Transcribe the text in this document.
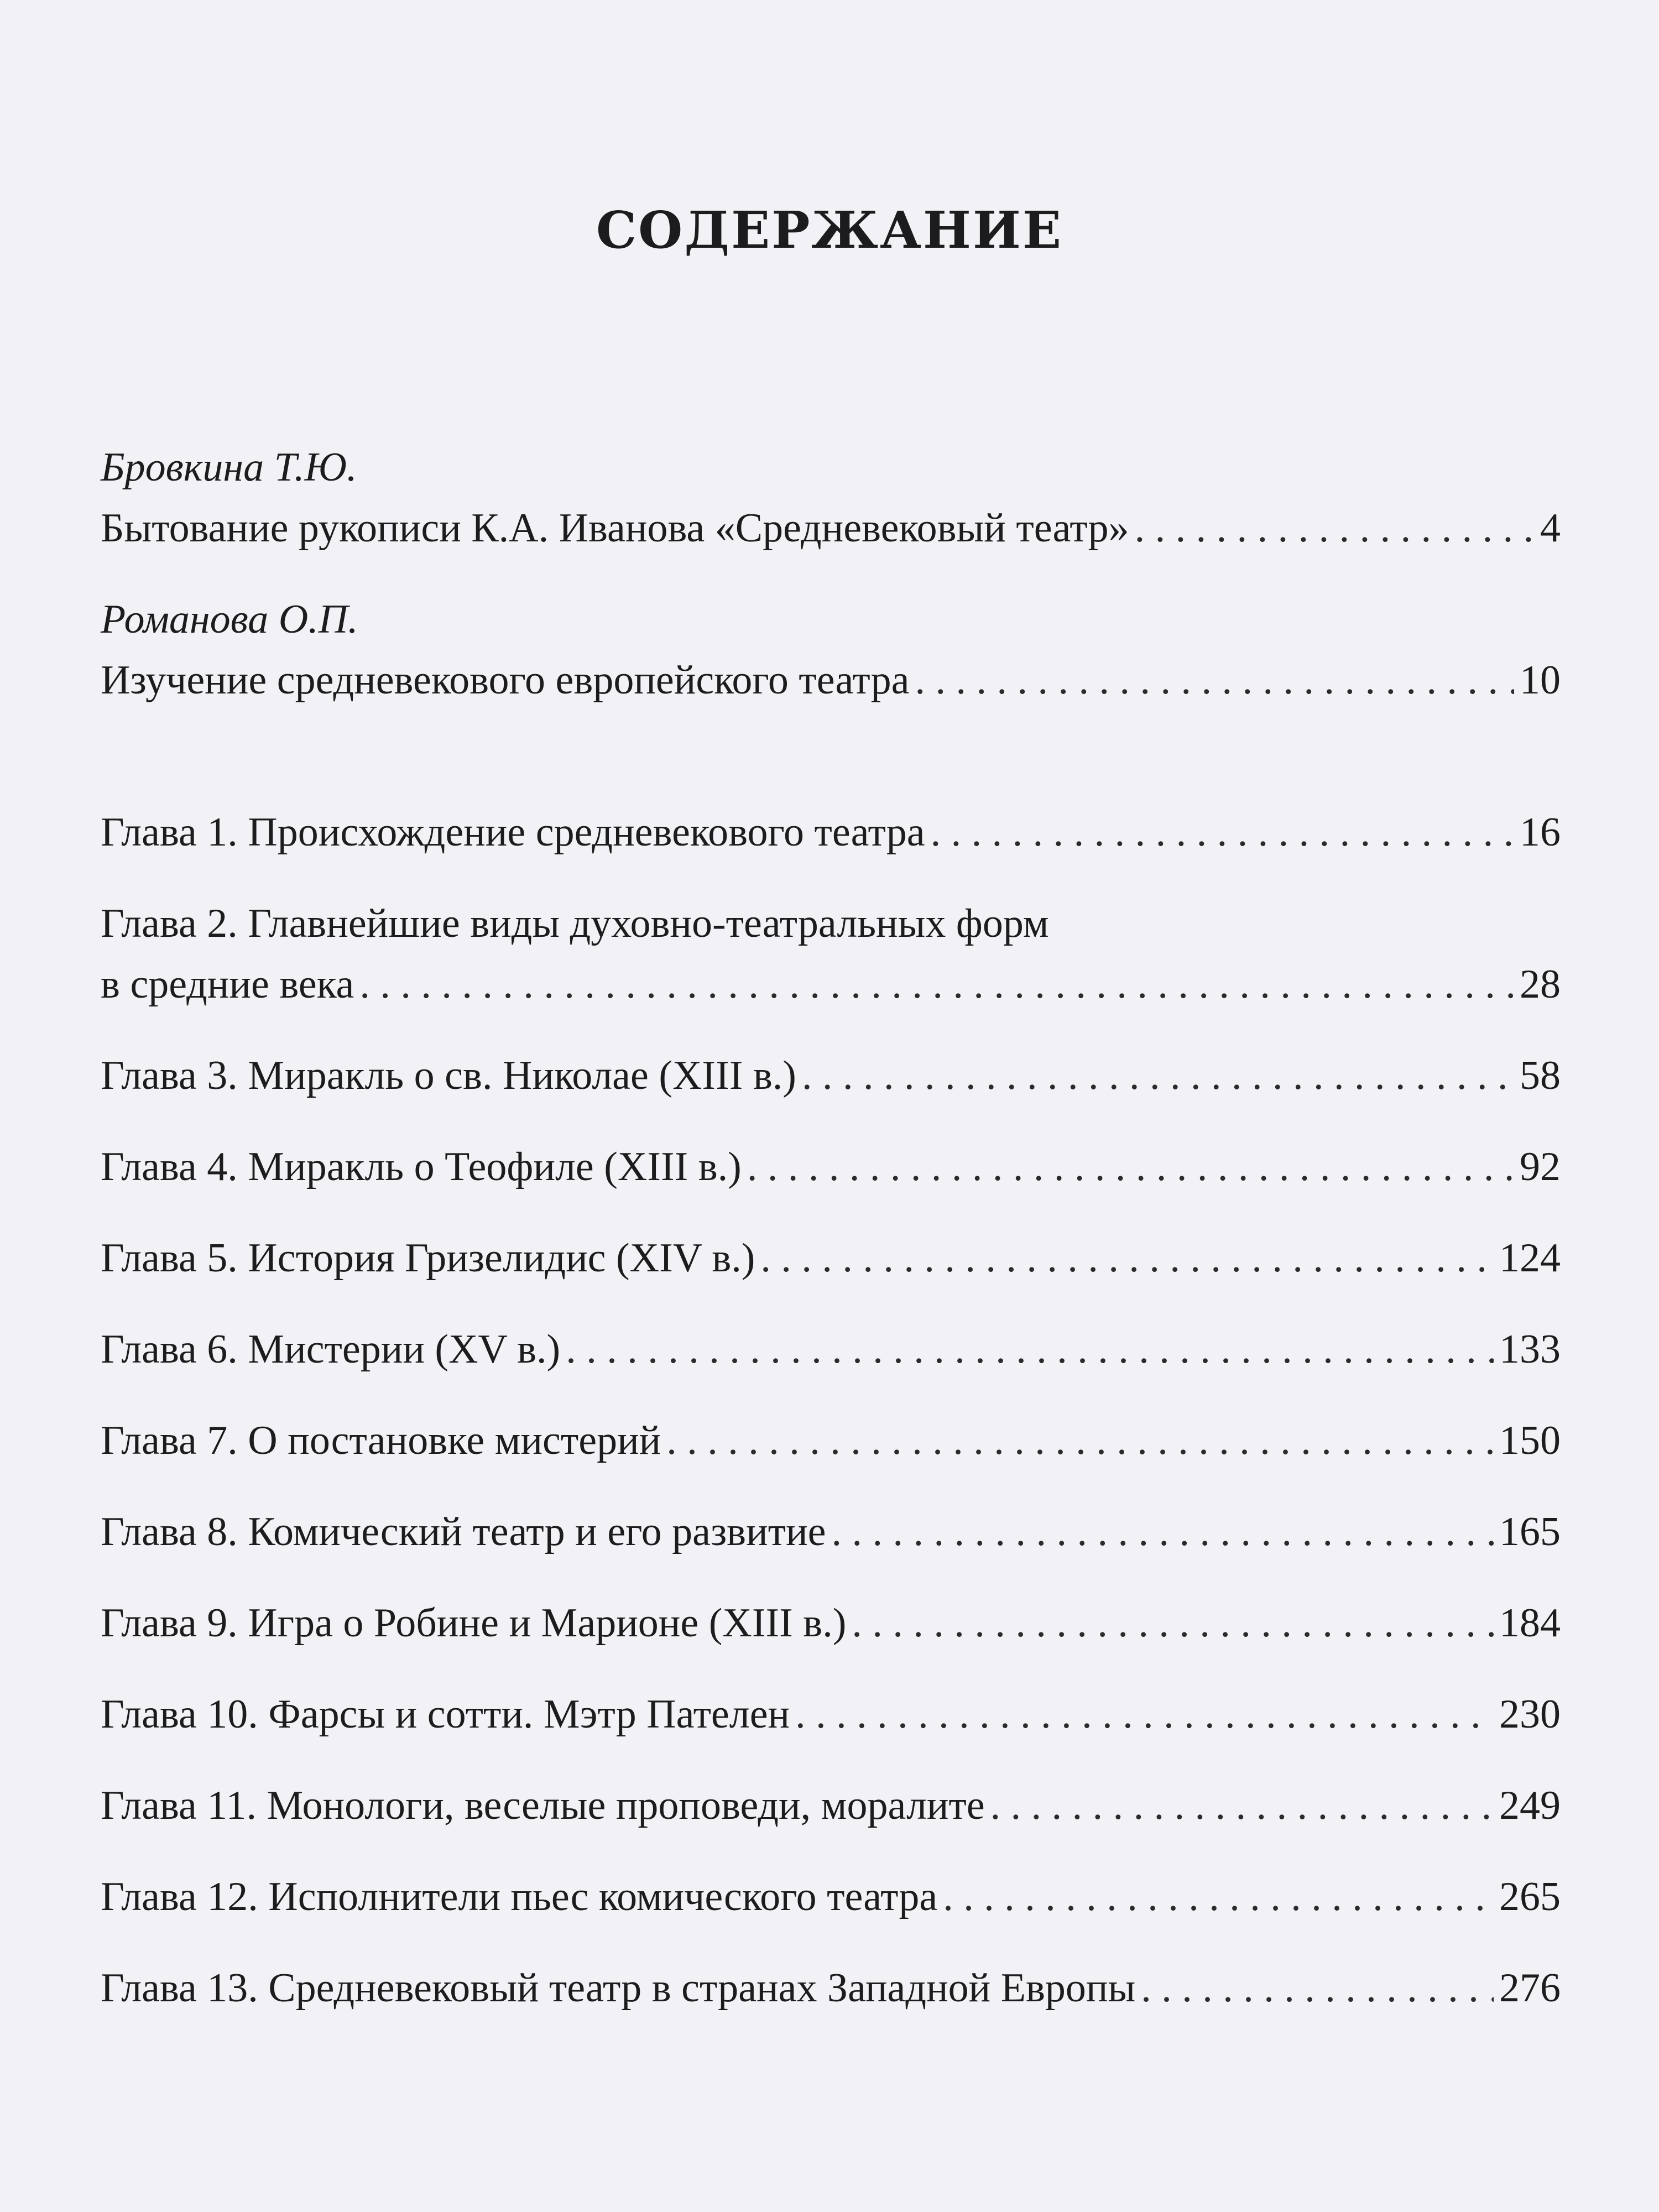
СОДЕРЖАНИЕ
Бровкина Т.Ю.
Бытование рукописи К.А. Иванова «Средневековый театр» . . .	4
Романова О.П.
Изучение средневекового европейского театра . . .	10
Глава 1. Происхождение средневекового театра . . .	16
Глава 2. Главнейшие виды духовно-театральных форм
в средние века . . .	28
Глава 3. Миракль о св. Николае (XIII в.) . . .	58
Глава 4. Миракль о Теофиле (XIII в.) . . .	92
Глава 5. История Гризелидис (XIV в.) . . .	124
Глава 6. Мистерии (XV в.) . . .	133
Глава 7. О постановке мистерий . . .	150
Глава 8. Комический театр и его развитие . . .	165
Глава 9. Игра о Робине и Марионе (XIII в.) . . .	184
Глава 10. Фарсы и сотти. Мэтр Пателен . . .	230
Глава 11. Монологи, веселые проповеди, моралите . . .	249
Глава 12. Исполнители пьес комического театра . . .	265
Глава 13. Средневековый театр в странах Западной Европы . . .	276
